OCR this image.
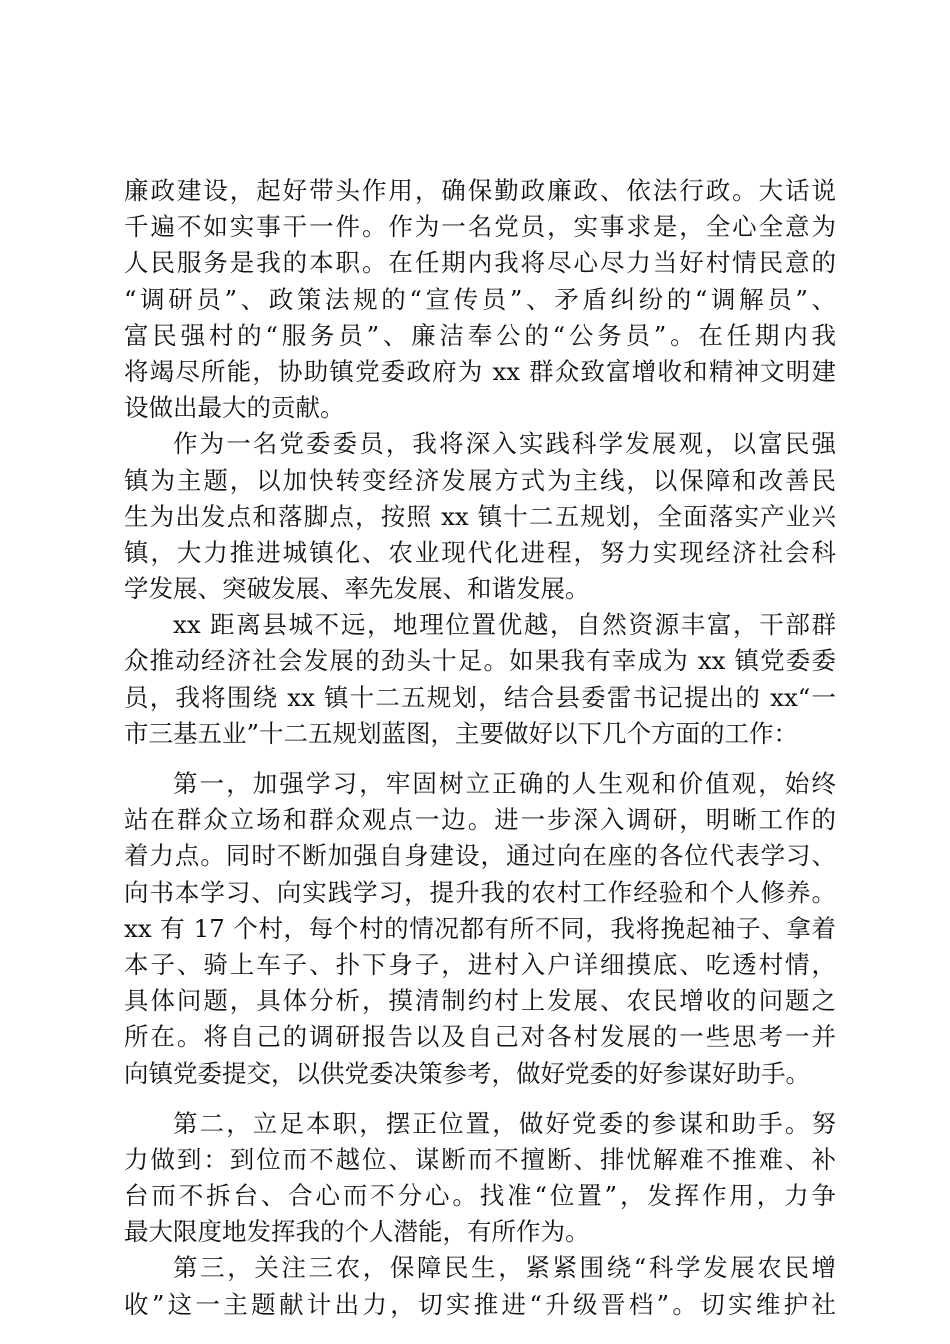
廉政建设，起好带头作用，确保勤政廉政、依法行政。大话说
千遍不如实事干一件。作为一名党员，实事求是，全心全意为
人民服务是我的本职。在任期内我将尽心尽力当好村情民意的
“调研员”、政策法规的“宣传员”、矛盾纠纷的“调解员”、
富民强村的“服务员”、廉洁奉公的“公务员”。在任期内我
将竭尽所能，协助镇党委政府为 xx 群众致富增收和精神文明建
设做出最大的贡献。
作为一名党委委员，我将深入实践科学发展观，以富民强
镇为主题，以加快转变经济发展方式为主线，以保障和改善民
生为出发点和落脚点，按照 xx 镇十二五规划，全面落实产业兴
镇，大力推进城镇化、农业现代化进程，努力实现经济社会科
学发展、突破发展、率先发展、和谐发展。
xx 距离县城不远，地理位置优越，自然资源丰富，干部群
众推动经济社会发展的劲头十足。如果我有幸成为 xx 镇党委委
员，我将围绕 xx 镇十二五规划，结合县委雷书记提出的 xx“一
市三基五业”十二五规划蓝图，主要做好以下几个方面的工作：
第一，加强学习，牢固树立正确的人生观和价值观，始终
站在群众立场和群众观点一边。进一步深入调研，明晰工作的
着力点。同时不断加强自身建设，通过向在座的各位代表学习、
向书本学习、向实践学习，提升我的农村工作经验和个人修养。
xx 有 17 个村，每个村的情况都有所不同，我将挽起袖子、拿着
本子、骑上车子、扑下身子，进村入户详细摸底、吃透村情，
具体问题，具体分析，摸清制约村上发展、农民增收的问题之
所在。将自己的调研报告以及自己对各村发展的一些思考一并
向镇党委提交，以供党委决策参考，做好党委的好参谋好助手。
第二，立足本职，摆正位置，做好党委的参谋和助手。努
力做到：到位而不越位、谋断而不擅断、排忧解难不推难、补
台而不拆台、合心而不分心。找准“位置”，发挥作用，力争
最大限度地发挥我的个人潜能，有所作为。
第三，关注三农，保障民生，紧紧围绕“科学发展农民增
收”这一主题献计出力，切实推进“升级晋档”。切实维护社
